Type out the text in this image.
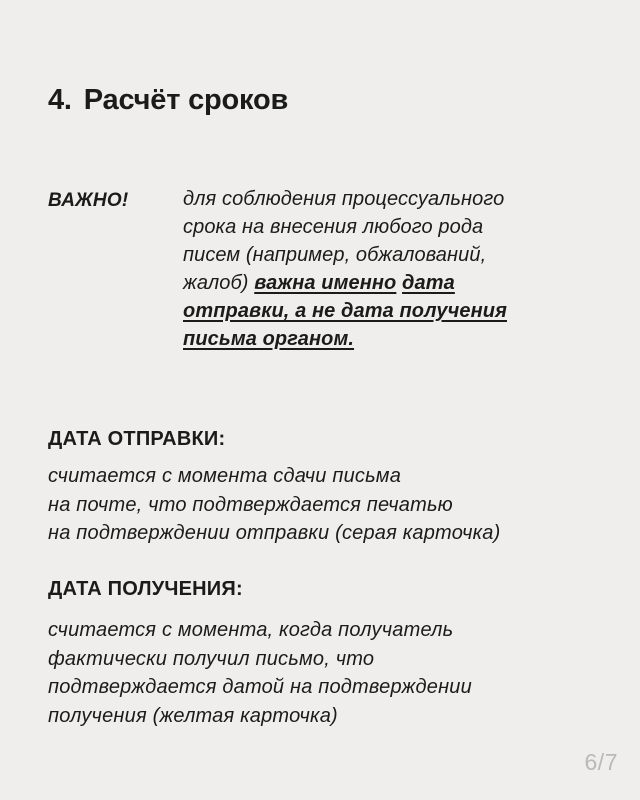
4. Расчёт сроков
ВАЖНО!	для соблюдения процессуального
срока на внесения любого рода
писем (например, обжалований,
жалоб) важна именно дата
отправки, а не дата получения
письма органом.
ДАТА ОТПРАВКИ:
считается с момента сдачи письма
на почте, что подтверждается печатью
на подтверждении отправки (серая карточка)
ДАТА ПОЛУЧЕНИЯ:
считается с момента, когда получатель
фактически получил письмо, что
подтверждается датой на подтверждении
получения (желтая карточка)
6/7
